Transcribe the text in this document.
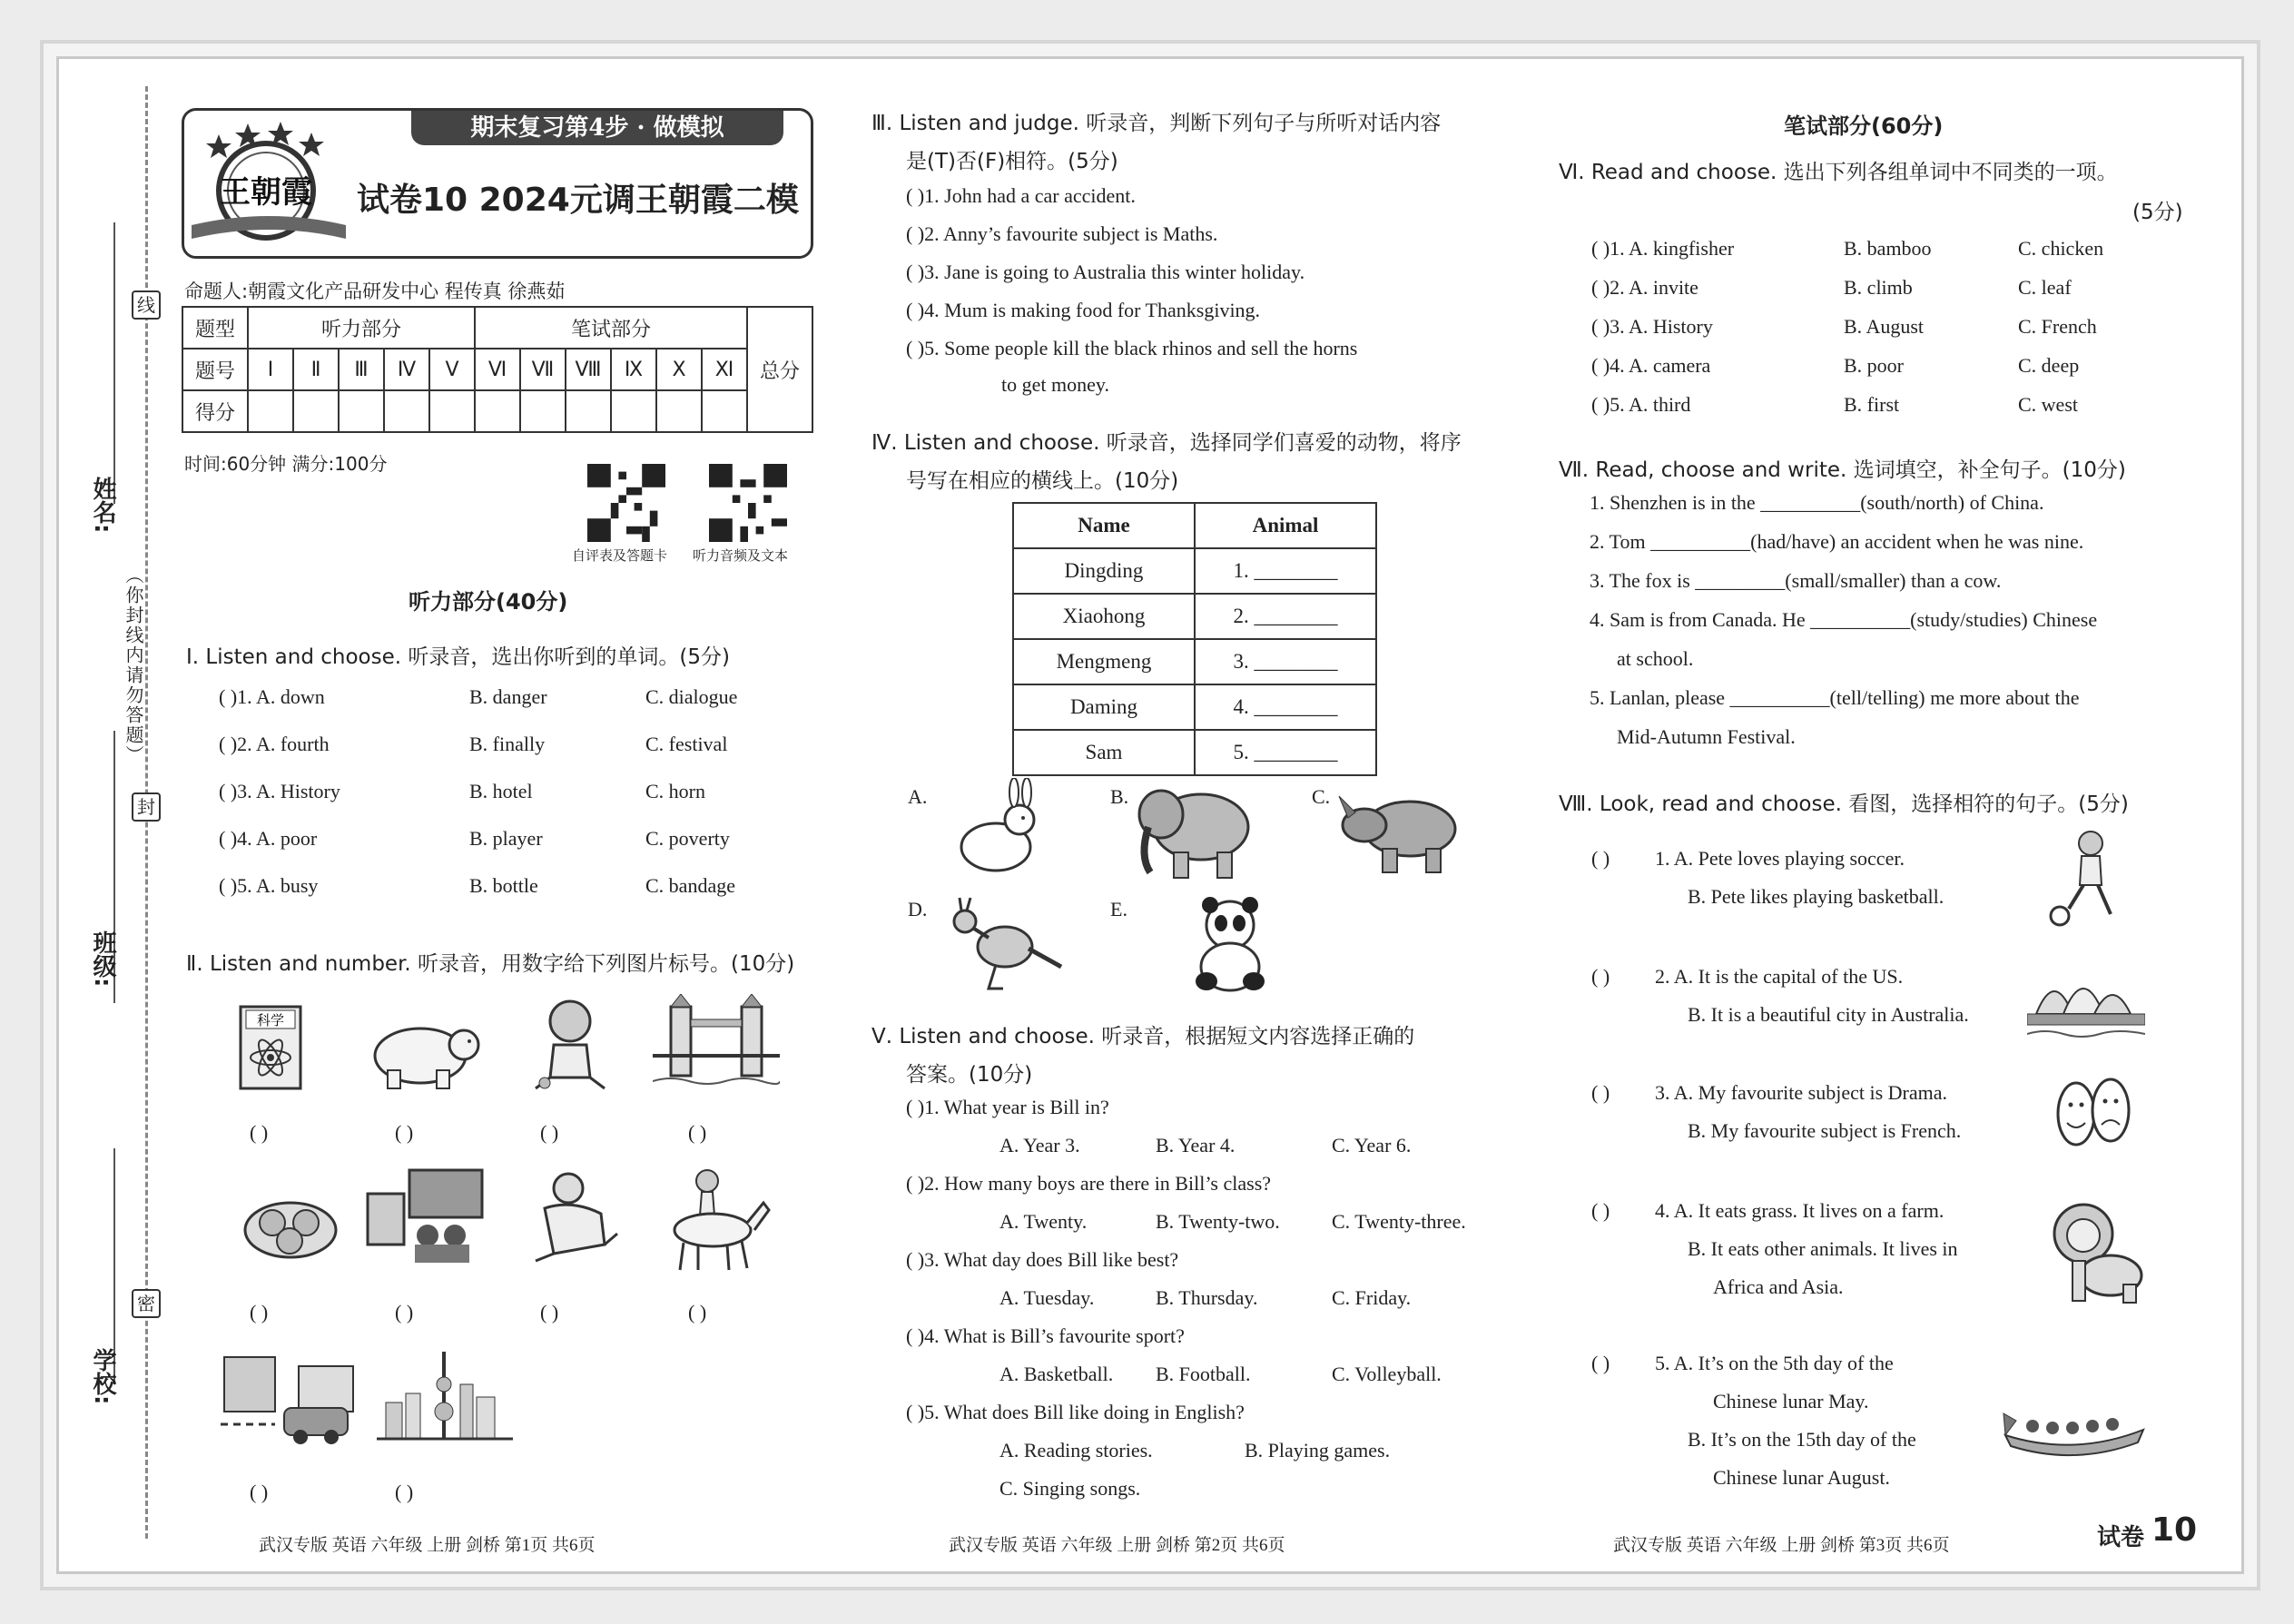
姓名:
班级:
学校:
线
封
密
（你封线内请勿答题）
王朝霞
期末复习第4步 · 做模拟
试卷10 2024元调王朝霞二模
命题人:朝霞文化产品研发中心 程传真 徐燕茹
题型	听力部分					笔试部分						总分
题号	Ⅰ	Ⅱ	Ⅲ	Ⅳ	Ⅴ	Ⅵ	Ⅶ	Ⅷ	Ⅸ	Ⅹ	Ⅺ	
得分												
时间:60分钟 满分:100分
自评表及答题卡 听力音频及文本
听力部分(40分)
Ⅰ. Listen and choose. 听录音，选出你听到的单词。(5分)
( )1. A. down	B. danger	C. dialogue
( )2. A. fourth	B. finally	C. festival
( )3. A. History	B. hotel	C. horn
( )4. A. poor	B. player	C. poverty
( )5. A. busy	B. bottle	C. bandage
Ⅱ. Listen and number. 听录音，用数字给下列图片标号。(10分)
科学
( )	( )	( )	( )
( )	( )	( )	( )
( )	( )
Ⅲ. Listen and judge. 听录音，判断下列句子与所听对话内容
是(T)否(F)相符。(5分)
( )1. John had a car accident.
( )2. Anny’s favourite subject is Maths.
( )3. Jane is going to Australia this winter holiday.
( )4. Mum is making food for Thanksgiving.
( )5. Some people kill the black rhinos and sell the horns
to get money.
Ⅳ. Listen and choose. 听录音，选择同学们喜爱的动物，将序
号写在相应的横线上。(10分)
Name	Animal
Dingding	1. ________
Xiaohong	2. ________
Mengmeng	3. ________
Daming	4. ________
Sam	5. ________
A.	B.	C.
D.	E.
Ⅴ. Listen and choose. 听录音，根据短文内容选择正确的
答案。(10分)
( )1. What year is Bill in?
A. Year 3.	B. Year 4.	C. Year 6.
( )2. How many boys are there in Bill’s class?
A. Twenty.	B. Twenty-two.	C. Twenty-three.
( )3. What day does Bill like best?
A. Tuesday.	B. Thursday.	C. Friday.
( )4. What is Bill’s favourite sport?
A. Basketball. B. Football.	C. Volleyball.
( )5. What does Bill like doing in English?
A. Reading stories.	B. Playing games.
C. Singing songs.
笔试部分(60分)
Ⅵ. Read and choose. 选出下列各组单词中不同类的一项。
(5分)
( )1. A. kingfisher	B. bamboo	C. chicken
( )2. A. invite	B. climb	C. leaf
( )3. A. History	B. August	C. French
( )4. A. camera	B. poor	C. deep
( )5. A. third	B. first	C. west
Ⅶ. Read, choose and write. 选词填空，补全句子。(10分)
1. Shenzhen is in the __________(south/north) of China.
2. Tom __________(had/have) an accident when he was nine.
3. The fox is _________(small/smaller) than a cow.
4. Sam is from Canada. He __________(study/studies) Chinese
at school.
5. Lanlan, please __________(tell/telling) me more about the
Mid-Autumn Festival.
Ⅷ. Look, read and choose. 看图，选择相符的句子。(5分)
( ) 1. A. Pete loves playing soccer.
B. Pete likes playing basketball.
( ) 2. A. It is the capital of the US.
B. It is a beautiful city in Australia.
( ) 3. A. My favourite subject is Drama.
B. My favourite subject is French.
( ) 4. A. It eats grass. It lives on a farm.
B. It eats other animals. It lives in
Africa and Asia.
( ) 5. A. It’s on the 5th day of the
Chinese lunar May.
B. It’s on the 15th day of the
Chinese lunar August.
武汉专版 英语 六年级 上册 剑桥 第1页 共6页	武汉专版 英语 六年级 上册 剑桥 第2页 共6页	武汉专版 英语 六年级 上册 剑桥 第3页 共6页	试卷 10
